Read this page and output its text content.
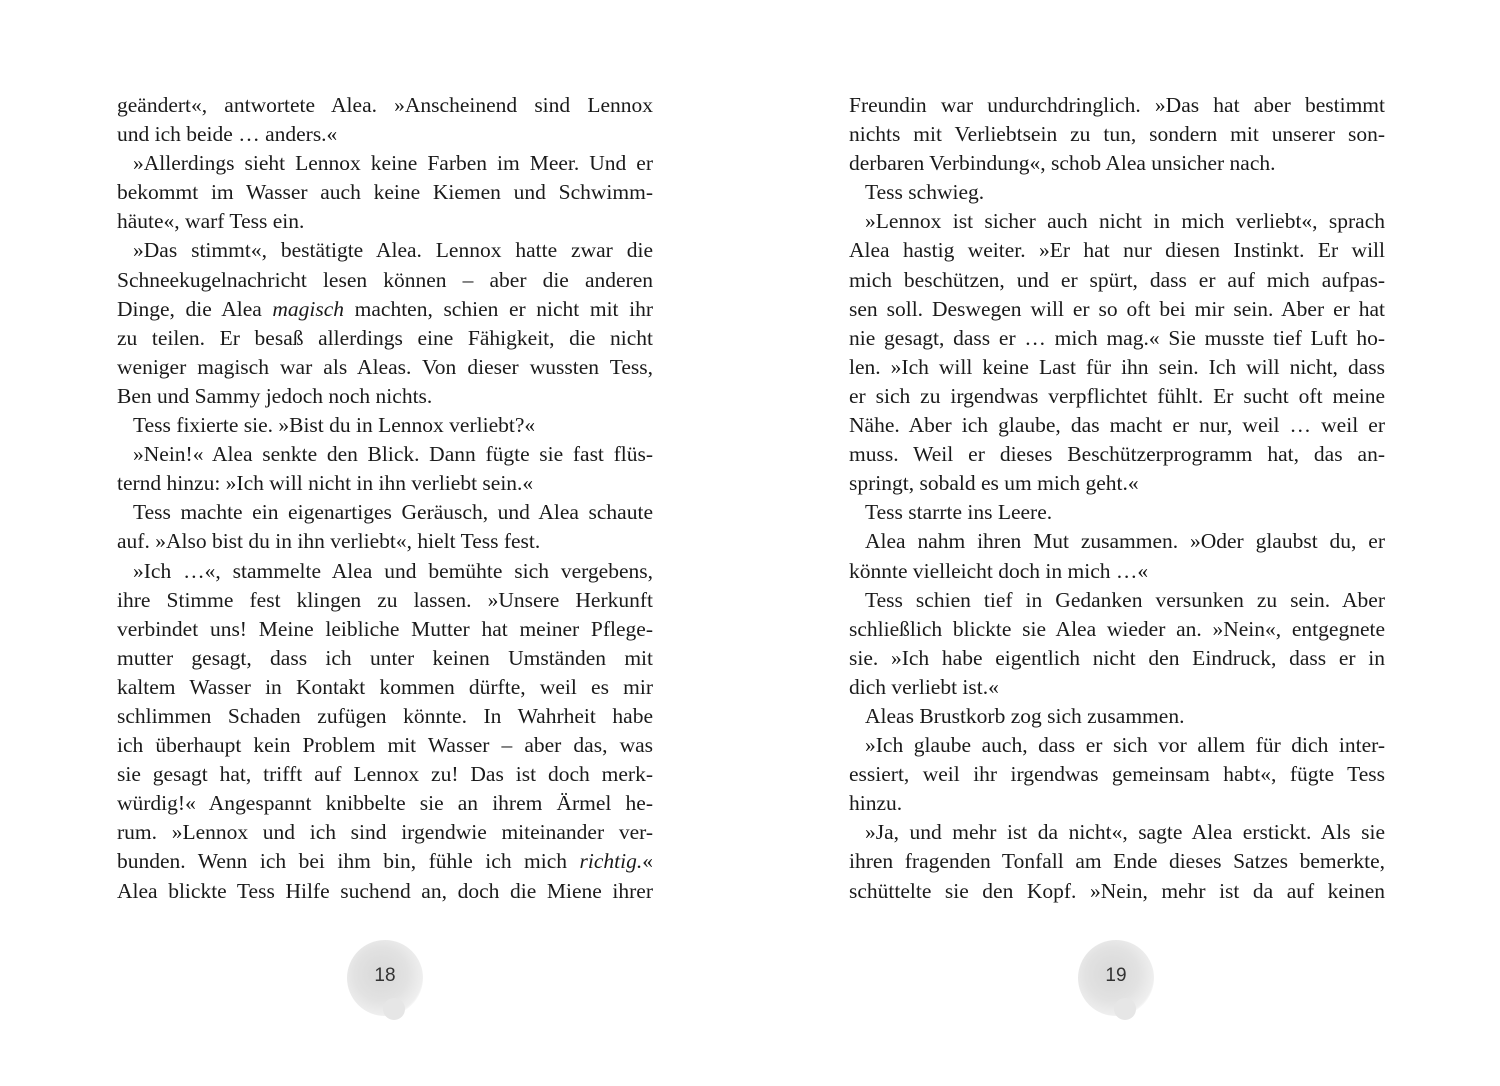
geändert«, antwortete Alea. »Anscheinend sind Lennox
und ich beide … anders.«
»Allerdings sieht Lennox keine Farben im Meer. Und er
bekommt im Wasser auch keine Kiemen und Schwimm-
häute«, warf Tess ein.
»Das stimmt«, bestätigte Alea. Lennox hatte zwar die
Schneekugelnachricht lesen können – aber die anderen
Dinge, die Alea magisch machten, schien er nicht mit ihr
zu teilen. Er besaß allerdings eine Fähigkeit, die nicht
weniger magisch war als Aleas. Von dieser wussten Tess,
Ben und Sammy jedoch noch nichts.
Tess fixierte sie. »Bist du in Lennox verliebt?«
»Nein!« Alea senkte den Blick. Dann fügte sie fast flüs-
ternd hinzu: »Ich will nicht in ihn verliebt sein.«
Tess machte ein eigenartiges Geräusch, und Alea schaute
auf. »Also bist du in ihn verliebt«, hielt Tess fest.
»Ich …«, stammelte Alea und bemühte sich vergebens,
ihre Stimme fest klingen zu lassen. »Unsere Herkunft
verbindet uns! Meine leibliche Mutter hat meiner Pflege-
mutter gesagt, dass ich unter keinen Umständen mit
kaltem Wasser in Kontakt kommen dürfte, weil es mir
schlimmen Schaden zufügen könnte. In Wahrheit habe
ich überhaupt kein Problem mit Wasser – aber das, was
sie gesagt hat, trifft auf Lennox zu! Das ist doch merk-
würdig!« Angespannt knibbelte sie an ihrem Ärmel he-
rum. »Lennox und ich sind irgendwie miteinander ver-
bunden. Wenn ich bei ihm bin, fühle ich mich richtig.«
Alea blickte Tess Hilfe suchend an, doch die Miene ihrer
Freundin war undurchdringlich. »Das hat aber bestimmt
nichts mit Verliebtsein zu tun, sondern mit unserer son-
derbaren Verbindung«, schob Alea unsicher nach.
Tess schwieg.
»Lennox ist sicher auch nicht in mich verliebt«, sprach
Alea hastig weiter. »Er hat nur diesen Instinkt. Er will
mich beschützen, und er spürt, dass er auf mich aufpas-
sen soll. Deswegen will er so oft bei mir sein. Aber er hat
nie gesagt, dass er … mich mag.« Sie musste tief Luft ho-
len. »Ich will keine Last für ihn sein. Ich will nicht, dass
er sich zu irgendwas verpflichtet fühlt. Er sucht oft meine
Nähe. Aber ich glaube, das macht er nur, weil … weil er
muss. Weil er dieses Beschützerprogramm hat, das an-
springt, sobald es um mich geht.«
Tess starrte ins Leere.
Alea nahm ihren Mut zusammen. »Oder glaubst du, er
könnte vielleicht doch in mich …«
Tess schien tief in Gedanken versunken zu sein. Aber
schließlich blickte sie Alea wieder an. »Nein«, entgegnete
sie. »Ich habe eigentlich nicht den Eindruck, dass er in
dich verliebt ist.«
Aleas Brustkorb zog sich zusammen.
»Ich glaube auch, dass er sich vor allem für dich inter-
essiert, weil ihr irgendwas gemeinsam habt«, fügte Tess
hinzu.
»Ja, und mehr ist da nicht«, sagte Alea erstickt. Als sie
ihren fragenden Tonfall am Ende dieses Satzes bemerkte,
schüttelte sie den Kopf. »Nein, mehr ist da auf keinen
18	19
